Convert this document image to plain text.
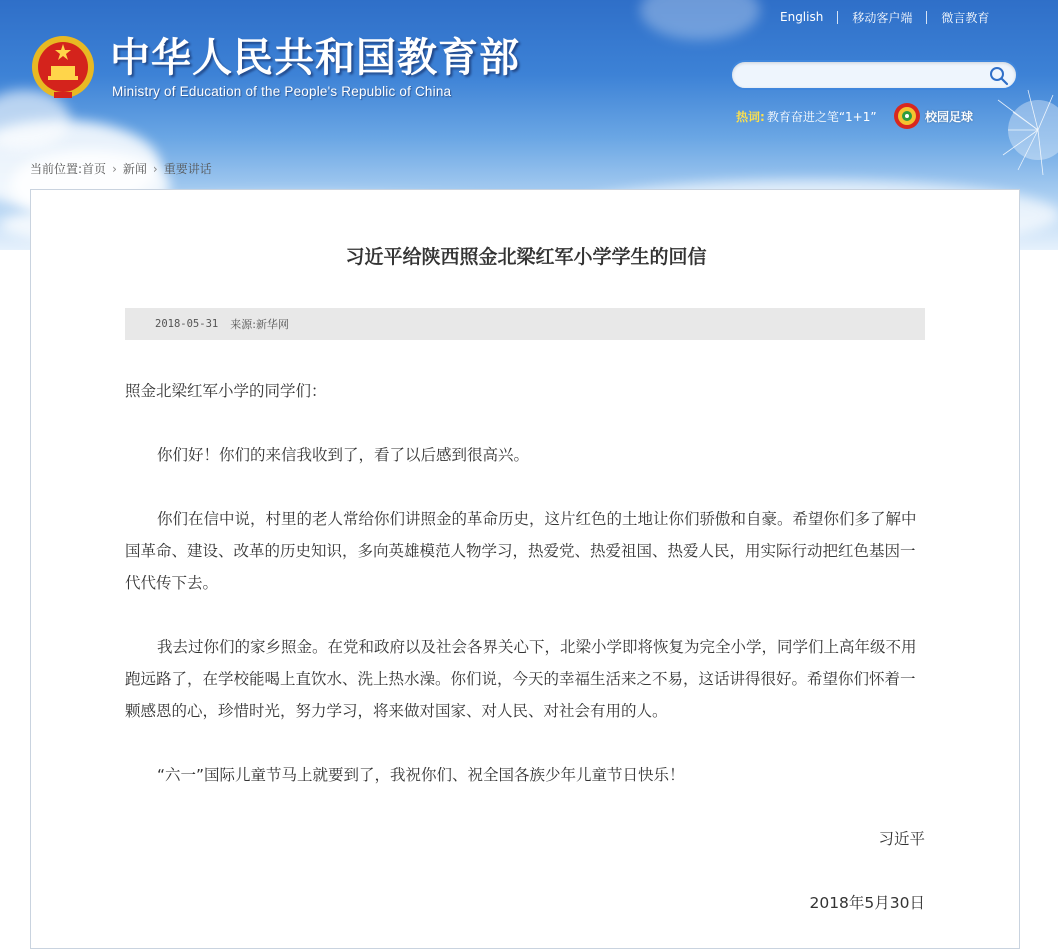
中华人民共和国教育部
Ministry of Education of the People's Republic of China
English 移动客户端 微言教育
热词: 教育奋进之笔“1+1”	校园足球
当前位置: 首页 › 新闻 › 重要讲话
习近平给陕西照金北梁红军小学学生的回信
2018-05-31 来源: 新华网

照金北梁红军小学的同学们：

你们好！你们的来信我收到了，看了以后感到很高兴。

你们在信中说，村里的老人常给你们讲照金的革命历史，这片红色的土地让你们骄傲和自豪。希望你们多了解中国革命、建设、改革的历史知识，多向英雄模范人物学习，热爱党、热爱祖国、热爱人民，用实际行动把红色基因一代代传下去。

我去过你们的家乡照金。在党和政府以及社会各界关心下，北梁小学即将恢复为完全小学，同学们上高年级不用跑远路了，在学校能喝上直饮水、洗上热水澡。你们说，今天的幸福生活来之不易，这话讲得很好。希望你们怀着一颗感恩的心，珍惜时光，努力学习，将来做对国家、对人民、对社会有用的人。

“六一”国际儿童节马上就要到了，我祝你们、祝全国各族少年儿童节日快乐！

习近平

2018年5月30日
